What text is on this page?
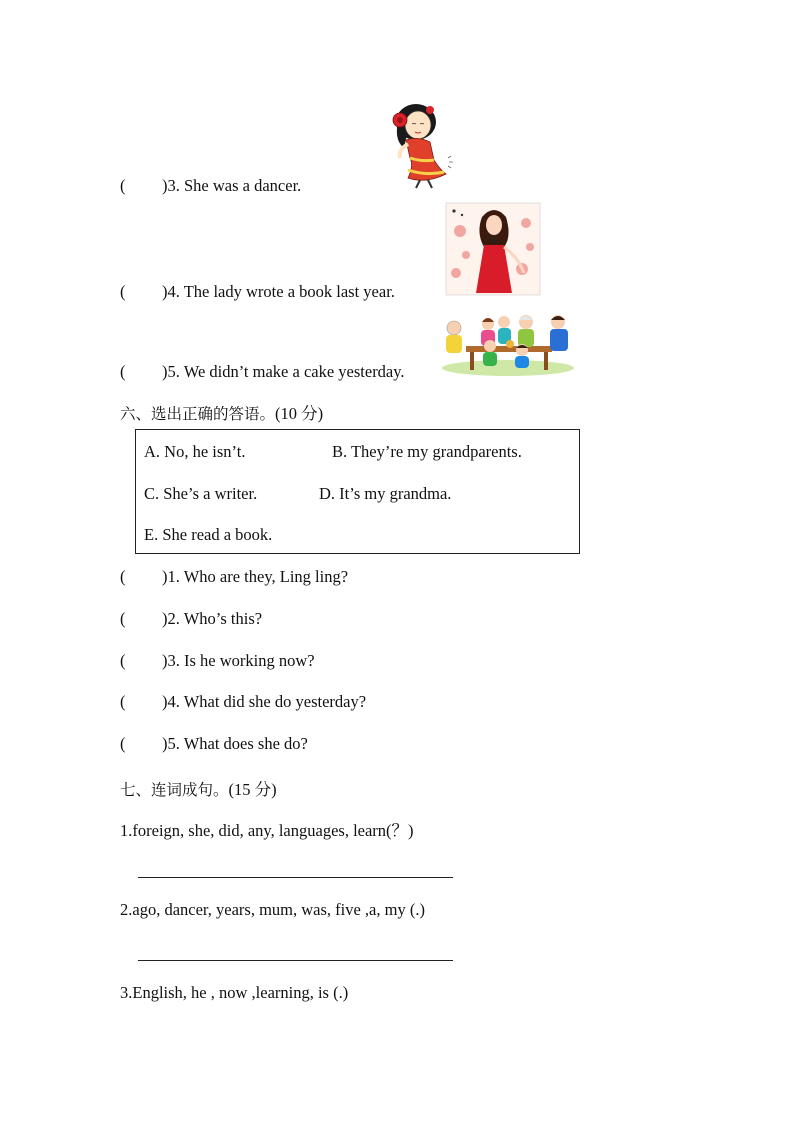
( )3. She was a dancer.
( )4. The lady wrote a book last year.
( )5. We didn’t make a cake yesterday.
六、选出正确的答语。(10 分)
A. No, he isn’t.	B. They’re my grandparents.
C. She’s a writer.	D. It’s my grandma.
E. She read a book.
( )1. Who are they, Ling ling?
( )2. Who’s this?
( )3. Is he working now?
( )4. What did she do yesterday?
( )5. What does she do?
七、连词成句。(15 分)
1.foreign, she, did, any, languages, learn(？)
2.ago, dancer, years, mum, was, five ,a, my (.)
3.English, he , now ,learning, is (.)
